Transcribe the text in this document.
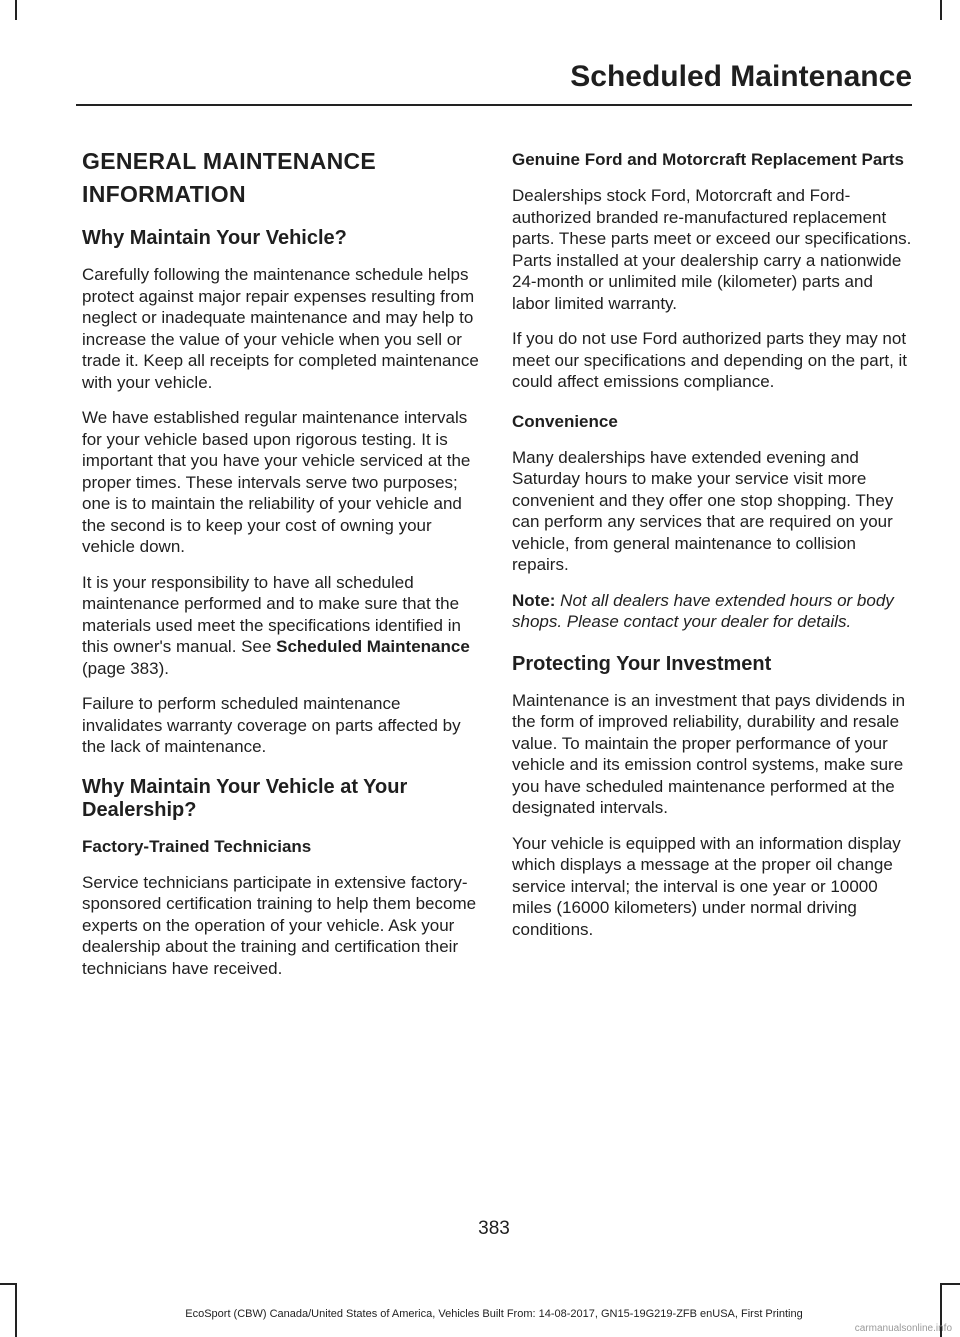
Scheduled Maintenance
GENERAL MAINTENANCE INFORMATION
Why Maintain Your Vehicle?

Carefully following the maintenance schedule helps protect against major repair expenses resulting from neglect or inadequate maintenance and may help to increase the value of your vehicle when you sell or trade it. Keep all receipts for completed maintenance with your vehicle.

We have established regular maintenance intervals for your vehicle based upon rigorous testing. It is important that you have your vehicle serviced at the proper times. These intervals serve two purposes; one is to maintain the reliability of your vehicle and the second is to keep your cost of owning your vehicle down.

It is your responsibility to have all scheduled maintenance performed and to make sure that the materials used meet the specifications identified in this owner's manual. See Scheduled Maintenance (page 383).

Failure to perform scheduled maintenance invalidates warranty coverage on parts affected by the lack of maintenance.

Why Maintain Your Vehicle at Your Dealership?
Factory-Trained Technicians

Service technicians participate in extensive factory-sponsored certification training to help them become experts on the operation of your vehicle. Ask your dealership about the training and certification their technicians have received.

Genuine Ford and Motorcraft Replacement Parts

Dealerships stock Ford, Motorcraft and Ford-authorized branded re-manufactured replacement parts. These parts meet or exceed our specifications. Parts installed at your dealership carry a nationwide 24-month or unlimited mile (kilometer) parts and labor limited warranty.

If you do not use Ford authorized parts they may not meet our specifications and depending on the part, it could affect emissions compliance.

Convenience

Many dealerships have extended evening and Saturday hours to make your service visit more convenient and they offer one stop shopping. They can perform any services that are required on your vehicle, from general maintenance to collision repairs.

Note: Not all dealers have extended hours or body shops. Please contact your dealer for details.

Protecting Your Investment

Maintenance is an investment that pays dividends in the form of improved reliability, durability and resale value. To maintain the proper performance of your vehicle and its emission control systems, make sure you have scheduled maintenance performed at the designated intervals.

Your vehicle is equipped with an information display which displays a message at the proper oil change service interval; the interval is one year or 10000 miles (16000 kilometers) under normal driving conditions.

383
EcoSport (CBW) Canada/United States of America, Vehicles Built From: 14-08-2017, GN15-19G219-ZFB enUSA, First Printing
carmanualsonline.info
